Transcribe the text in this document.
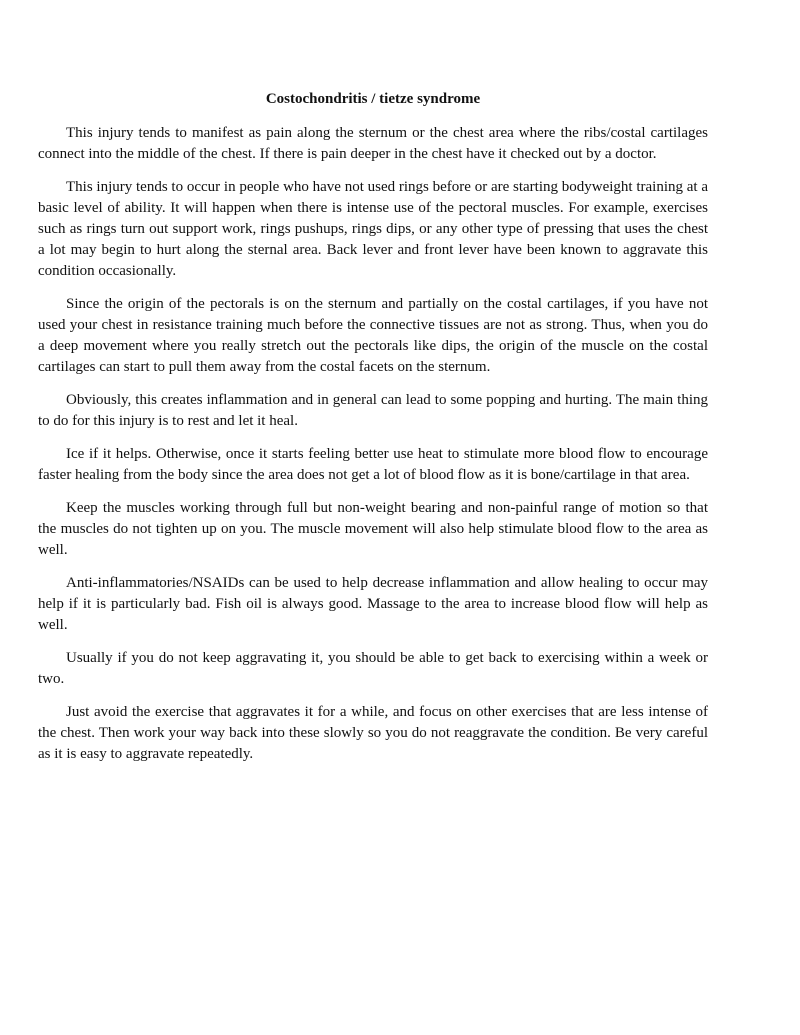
Costochondritis / tietze syndrome

This injury tends to manifest as pain along the sternum or the chest area where the ribs/costal cartilages connect into the middle of the chest. If there is pain deeper in the chest have it checked out by a doctor.

This injury tends to occur in people who have not used rings before or are starting bodyweight training at a basic level of ability. It will happen when there is intense use of the pectoral muscles. For example, exercises such as rings turn out support work, rings pushups, rings dips, or any other type of pressing that uses the chest a lot may begin to hurt along the sternal area. Back lever and front lever have been known to aggravate this condition occasionally.

Since the origin of the pectorals is on the sternum and partially on the costal cartilages, if you have not used your chest in resistance training much before the connective tissues are not as strong. Thus, when you do a deep movement where you really stretch out the pectorals like dips, the origin of the muscle on the costal cartilages can start to pull them away from the costal facets on the sternum.

Obviously, this creates inflammation and in general can lead to some popping and hurting. The main thing to do for this injury is to rest and let it heal.

Ice if it helps. Otherwise, once it starts feeling better use heat to stimulate more blood flow to encourage faster healing from the body since the area does not get a lot of blood flow as it is bone/cartilage in that area.

Keep the muscles working through full but non-weight bearing and non-painful range of motion so that the muscles do not tighten up on you. The muscle movement will also help stimulate blood flow to the area as well.

Anti-inflammatories/NSAIDs can be used to help decrease inflammation and allow healing to occur may help if it is particularly bad. Fish oil is always good. Massage to the area to increase blood flow will help as well.

Usually if you do not keep aggravating it, you should be able to get back to exercising within a week or two.

Just avoid the exercise that aggravates it for a while, and focus on other exercises that are less intense of the chest. Then work your way back into these slowly so you do not reaggravate the condition. Be very careful as it is easy to aggravate repeatedly.
